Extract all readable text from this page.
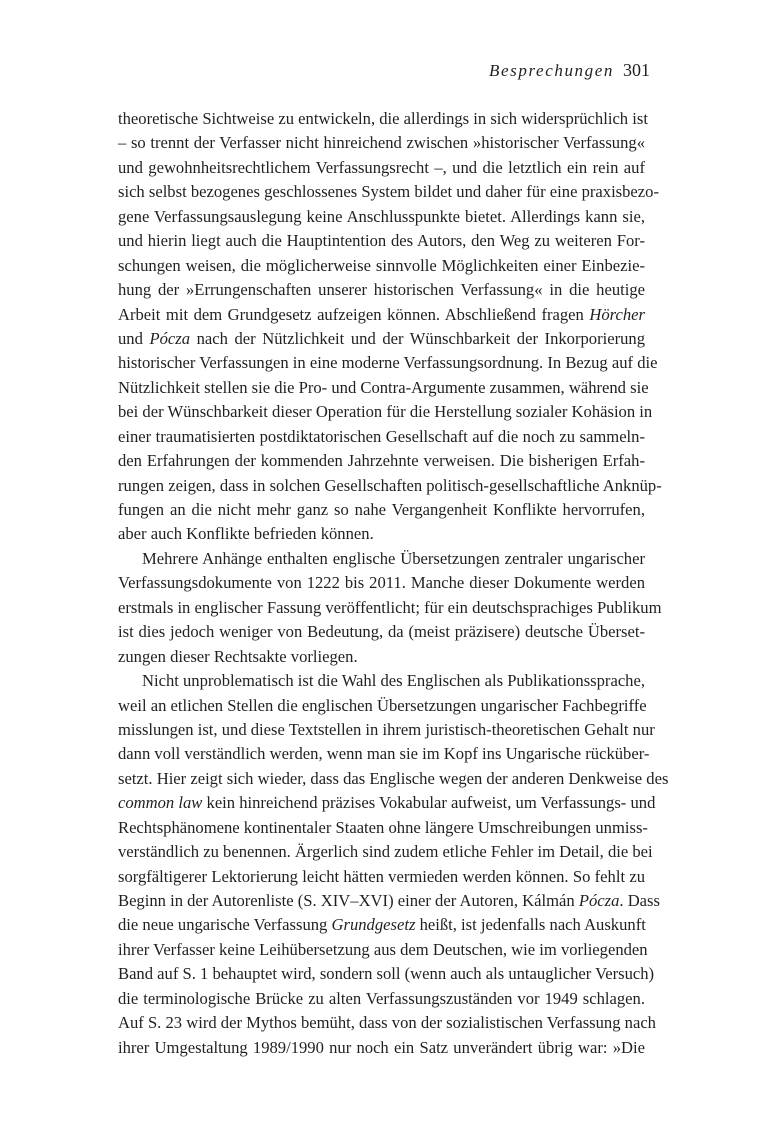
Besprechungen 301
theoretische Sichtweise zu entwickeln, die allerdings in sich widersprüchlich ist
– so trennt der Verfasser nicht hinreichend zwischen »historischer Verfassung«
und gewohnheitsrechtlichem Verfassungsrecht –, und die letztlich ein rein auf
sich selbst bezogenes geschlossenes System bildet und daher für eine praxisbezo-
gene Verfassungsauslegung keine Anschlusspunkte bietet. Allerdings kann sie,
und hierin liegt auch die Hauptintention des Autors, den Weg zu weiteren For-
schungen weisen, die möglicherweise sinnvolle Möglichkeiten einer Einbezie-
hung der »Errungenschaften unserer historischen Verfassung« in die heutige
Arbeit mit dem Grundgesetz aufzeigen können. Abschließend fragen Hörcher
und Pócza nach der Nützlichkeit und der Wünschbarkeit der Inkorporierung
historischer Verfassungen in eine moderne Verfassungsordnung. In Bezug auf die
Nützlichkeit stellen sie die Pro- und Contra-Argumente zusammen, während sie
bei der Wünschbarkeit dieser Operation für die Herstellung sozialer Kohäsion in
einer traumatisierten postdiktatorischen Gesellschaft auf die noch zu sammeln-
den Erfahrungen der kommenden Jahrzehnte verweisen. Die bisherigen Erfah-
rungen zeigen, dass in solchen Gesellschaften politisch-gesellschaftliche Anknüp-
fungen an die nicht mehr ganz so nahe Vergangenheit Konflikte hervorrufen,
aber auch Konflikte befrieden können.
Mehrere Anhänge enthalten englische Übersetzungen zentraler ungarischer
Verfassungsdokumente von 1222 bis 2011. Manche dieser Dokumente werden
erstmals in englischer Fassung veröffentlicht; für ein deutschsprachiges Publikum
ist dies jedoch weniger von Bedeutung, da (meist präzisere) deutsche Überset-
zungen dieser Rechtsakte vorliegen.
Nicht unproblematisch ist die Wahl des Englischen als Publikationssprache,
weil an etlichen Stellen die englischen Übersetzungen ungarischer Fachbegriffe
misslungen ist, und diese Textstellen in ihrem juristisch-theoretischen Gehalt nur
dann voll verständlich werden, wenn man sie im Kopf ins Ungarische rücküber-
setzt. Hier zeigt sich wieder, dass das Englische wegen der anderen Denkweise des
common law kein hinreichend präzises Vokabular aufweist, um Verfassungs- und
Rechtsphänomene kontinentaler Staaten ohne längere Umschreibungen unmiss-
verständlich zu benennen. Ärgerlich sind zudem etliche Fehler im Detail, die bei
sorgfältigerer Lektorierung leicht hätten vermieden werden können. So fehlt zu
Beginn in der Autorenliste (S. XIV–XVI) einer der Autoren, Kálmán Pócza. Dass
die neue ungarische Verfassung Grundgesetz heißt, ist jedenfalls nach Auskunft
ihrer Verfasser keine Leihübersetzung aus dem Deutschen, wie im vorliegenden
Band auf S. 1 behauptet wird, sondern soll (wenn auch als untauglicher Versuch)
die terminologische Brücke zu alten Verfassungszuständen vor 1949 schlagen.
Auf S. 23 wird der Mythos bemüht, dass von der sozialistischen Verfassung nach
ihrer Umgestaltung 1989/1990 nur noch ein Satz unverändert übrig war: »Die
